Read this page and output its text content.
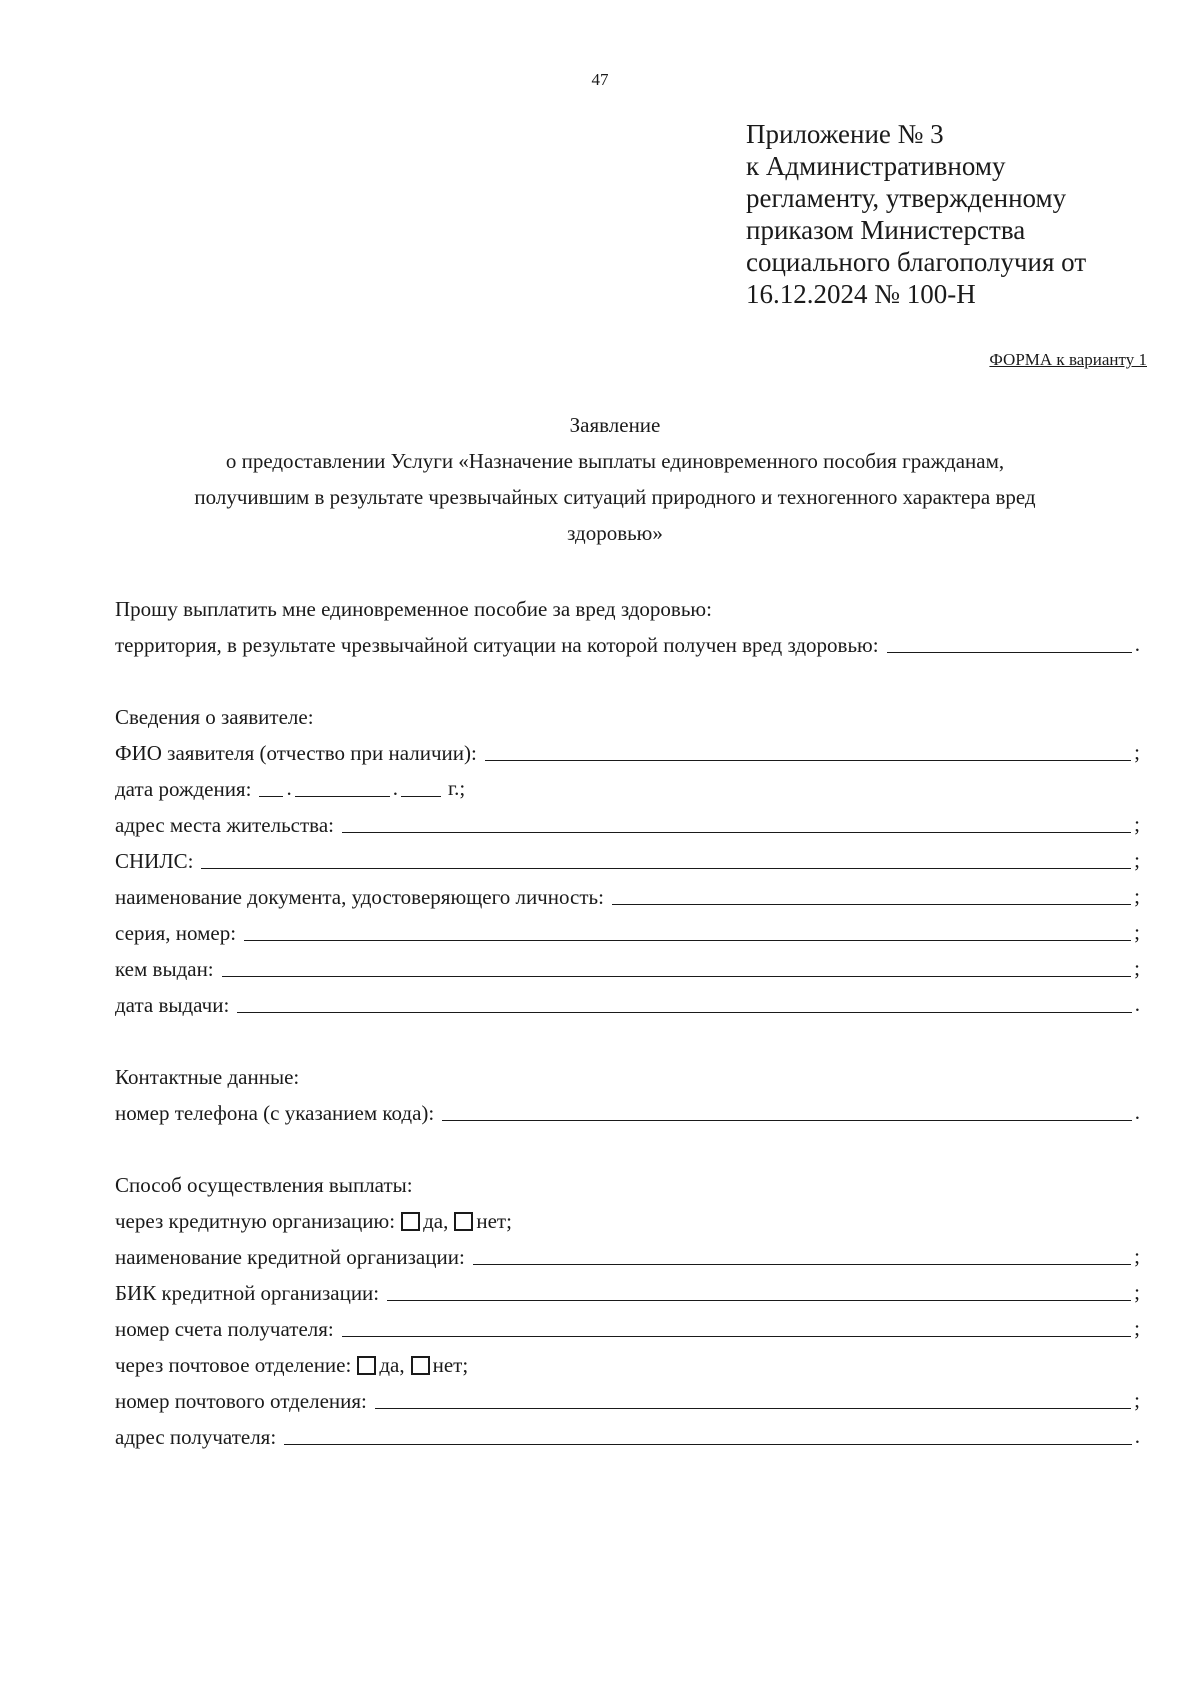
47
Приложение № 3
к Административному
регламенту, утвержденному
приказом Министерства
социального благополучия от
16.12.2024 № 100-Н
ФОРМА к варианту 1
Заявление
о предоставлении Услуги «Назначение выплаты единовременного пособия гражданам,
получившим в результате чрезвычайных ситуаций природного и техногенного характера вред
здоровью»
Прошу выплатить мне единовременное пособие за вред здоровью:
территория, в результате чрезвычайной ситуации на которой получен вред здоровью:	.
Сведения о заявителе:
ФИО заявителя (отчество при наличии):	;
дата рождения: .	. г.;
адрес места жительства:	;
СНИЛС:	;
наименование документа, удостоверяющего личность:	;
серия, номер:	;
кем выдан:	;
дата выдачи:	.
Контактные данные:
номер телефона (с указанием кода):	.
Способ осуществления выплаты:
через кредитную организацию: да, нет;
наименование кредитной организации:	;
БИК кредитной организации:	;
номер счета получателя:	;
через почтовое отделение: да, нет;
номер почтового отделения:	;
адрес получателя:	.
